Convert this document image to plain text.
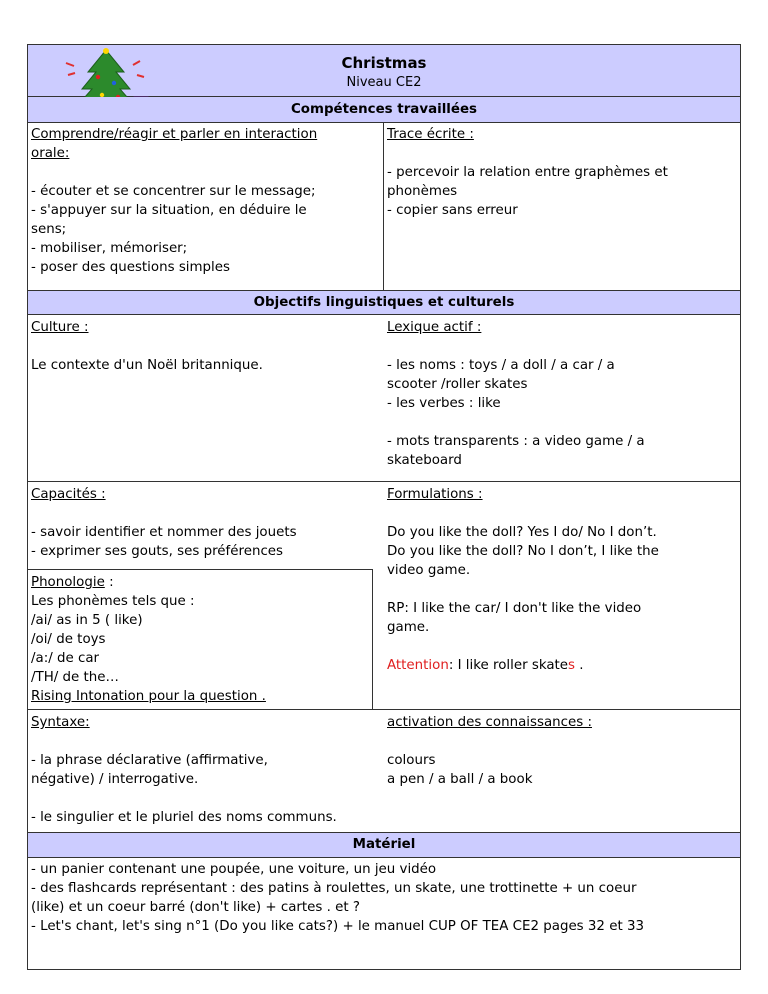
Christmas
Niveau CE2
Compétences travaillées
Comprendre/réagir et parler en interaction
orale:
- écouter et se concentrer sur le message;
- s'appuyer sur la situation, en déduire le
sens;
- mobiliser, mémoriser;
- poser des questions simples
Trace écrite :
- percevoir la relation entre graphèmes et
phonèmes
- copier sans erreur
Objectifs linguistiques et culturels
Culture :
Le contexte d'un Noël britannique.
Lexique actif :
- les noms : toys / a doll / a car / a
scooter /roller skates
- les verbes : like
- mots transparents : a video game / a
skateboard
Capacités :
- savoir identifier et nommer des jouets
- exprimer ses gouts, ses préférences
Formulations :
Do you like the doll? Yes I do/ No I don’t.
Do you like the doll? No I don’t, I like the
video game.
RP: I like the car/ I don't like the video
game.
Attention: I like roller skates .
Phonologie :
Les phonèmes tels que :
/ai/ as in 5 ( like)
/oi/ de toys
/a:/ de car
/TH/ de the…
Rising Intonation pour la question .
Syntaxe:
- la phrase déclarative (affirmative,
négative) / interrogative.
- le singulier et le pluriel des noms communs.
activation des connaissances :
colours
a pen / a ball / a book
Matériel
- un panier contenant une poupée, une voiture, un jeu vidéo
- des flashcards représentant : des patins à roulettes, un skate, une trottinette + un coeur
(like) et un coeur barré (don't like) + cartes . et ?
- Let's chant, let's sing n°1 (Do you like cats?) + le manuel CUP OF TEA CE2 pages 32 et 33
